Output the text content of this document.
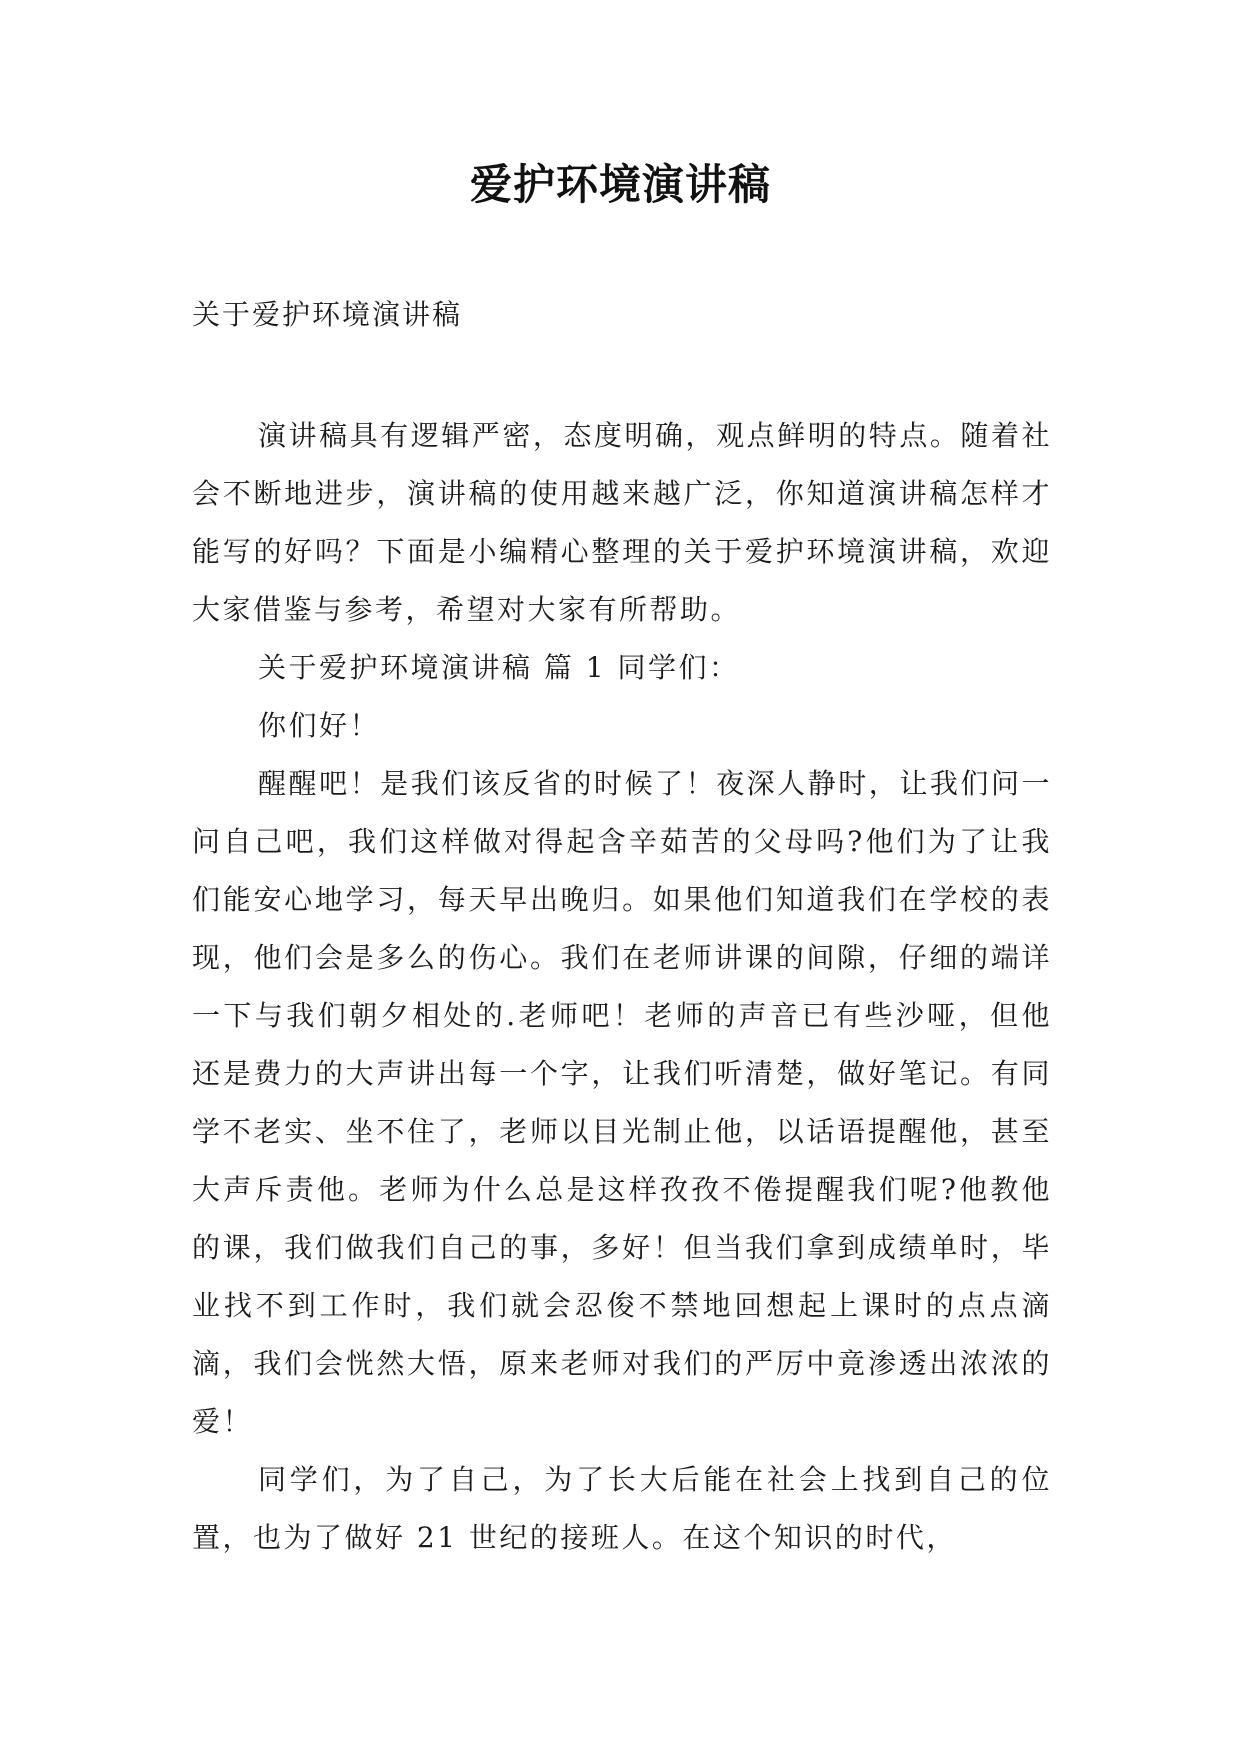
爱护环境演讲稿
关于爱护环境演讲稿

演讲稿具有逻辑严密，态度明确，观点鲜明的特点。随着社会不断地进步，演讲稿的使用越来越广泛，你知道演讲稿怎样才能写的好吗？下面是小编精心整理的关于爱护环境演讲稿，欢迎大家借鉴与参考，希望对大家有所帮助。

关于爱护环境演讲稿 篇 1 同学们：

你们好！

醒醒吧！是我们该反省的时候了！夜深人静时，让我们问一问自己吧，我们这样做对得起含辛茹苦的父母吗?他们为了让我们能安心地学习，每天早出晚归。如果他们知道我们在学校的表现，他们会是多么的伤心。我们在老师讲课的间隙，仔细的端详一下与我们朝夕相处的.老师吧！老师的声音已有些沙哑，但他还是费力的大声讲出每一个字，让我们听清楚，做好笔记。有同学不老实、坐不住了，老师以目光制止他，以话语提醒他，甚至大声斥责他。老师为什么总是这样孜孜不倦提醒我们呢?他教他的课，我们做我们自己的事，多好！但当我们拿到成绩单时，毕业找不到工作时，我们就会忍俊不禁地回想起上课时的点点滴滴，我们会恍然大悟，原来老师对我们的严厉中竟渗透出浓浓的爱！

同学们，为了自己，为了长大后能在社会上找到自己的位置，也为了做好 21 世纪的接班人。在这个知识的时代，
